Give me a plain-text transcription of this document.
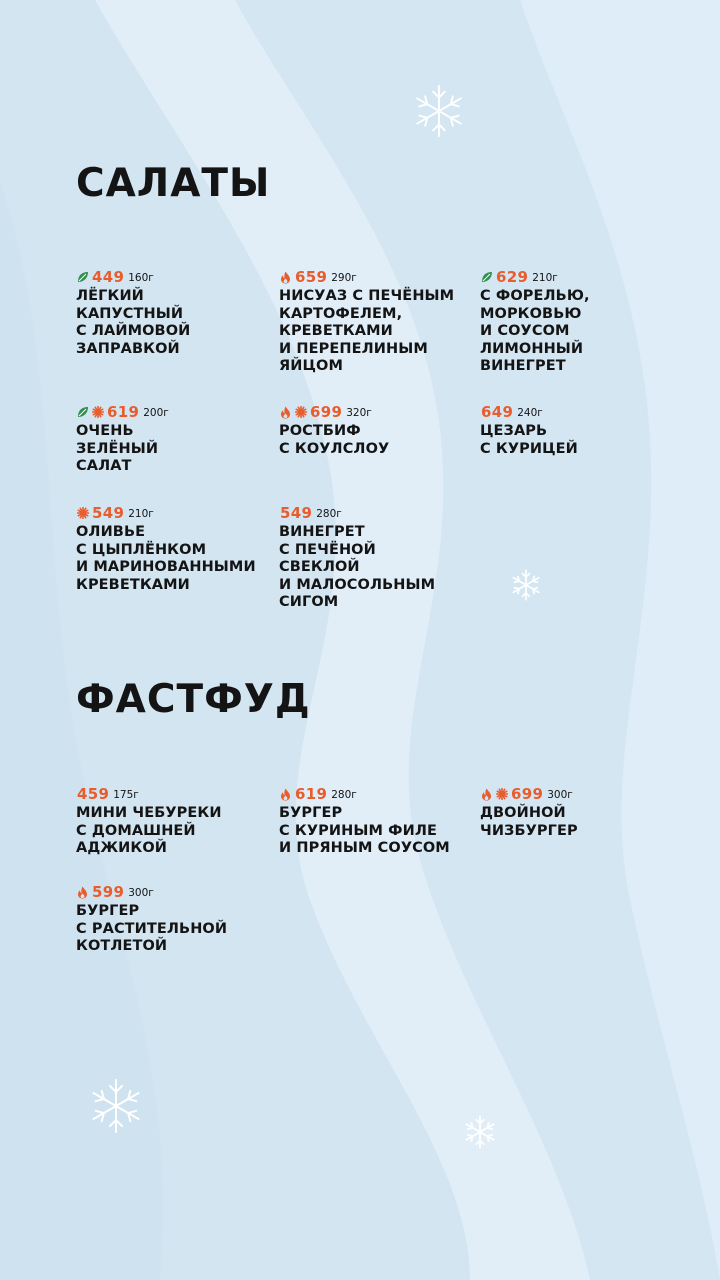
САЛАТЫ
449 160г
ЛЁГКИЙ
КАПУСТНЫЙ
С ЛАЙМОВОЙ
ЗАПРАВКОЙ
659 290г
НИСУАЗ С ПЕЧЁНЫМ
КАРТОФЕЛЕМ,
КРЕВЕТКАМИ
И ПЕРЕПЕЛИНЫМ
ЯЙЦОМ
629 210г
С ФОРЕЛЬЮ,
МОРКОВЬЮ
И СОУСОМ
ЛИМОННЫЙ
ВИНЕГРЕТ
619 200г
ОЧЕНЬ
ЗЕЛЁНЫЙ
САЛАТ
699 320г
РОСТБИФ
С КОУЛСЛОУ
649 240г
ЦЕЗАРЬ
С КУРИЦЕЙ
549 210г
ОЛИВЬЕ
С ЦЫПЛЁНКОМ
И МАРИНОВАННЫМИ
КРЕВЕТКАМИ
549 280г
ВИНЕГРЕТ
С ПЕЧЁНОЙ
СВЕКЛОЙ
И МАЛОСОЛЬНЫМ
СИГОМ
ФАСТФУД
459 175г
МИНИ ЧЕБУРЕКИ
С ДОМАШНЕЙ
АДЖИКОЙ
619 280г
БУРГЕР
С КУРИНЫМ ФИЛЕ
И ПРЯНЫМ СОУСОМ
699 300г
ДВОЙНОЙ
ЧИЗБУРГЕР
599 300г
БУРГЕР
С РАСТИТЕЛЬНОЙ
КОТЛЕТОЙ
